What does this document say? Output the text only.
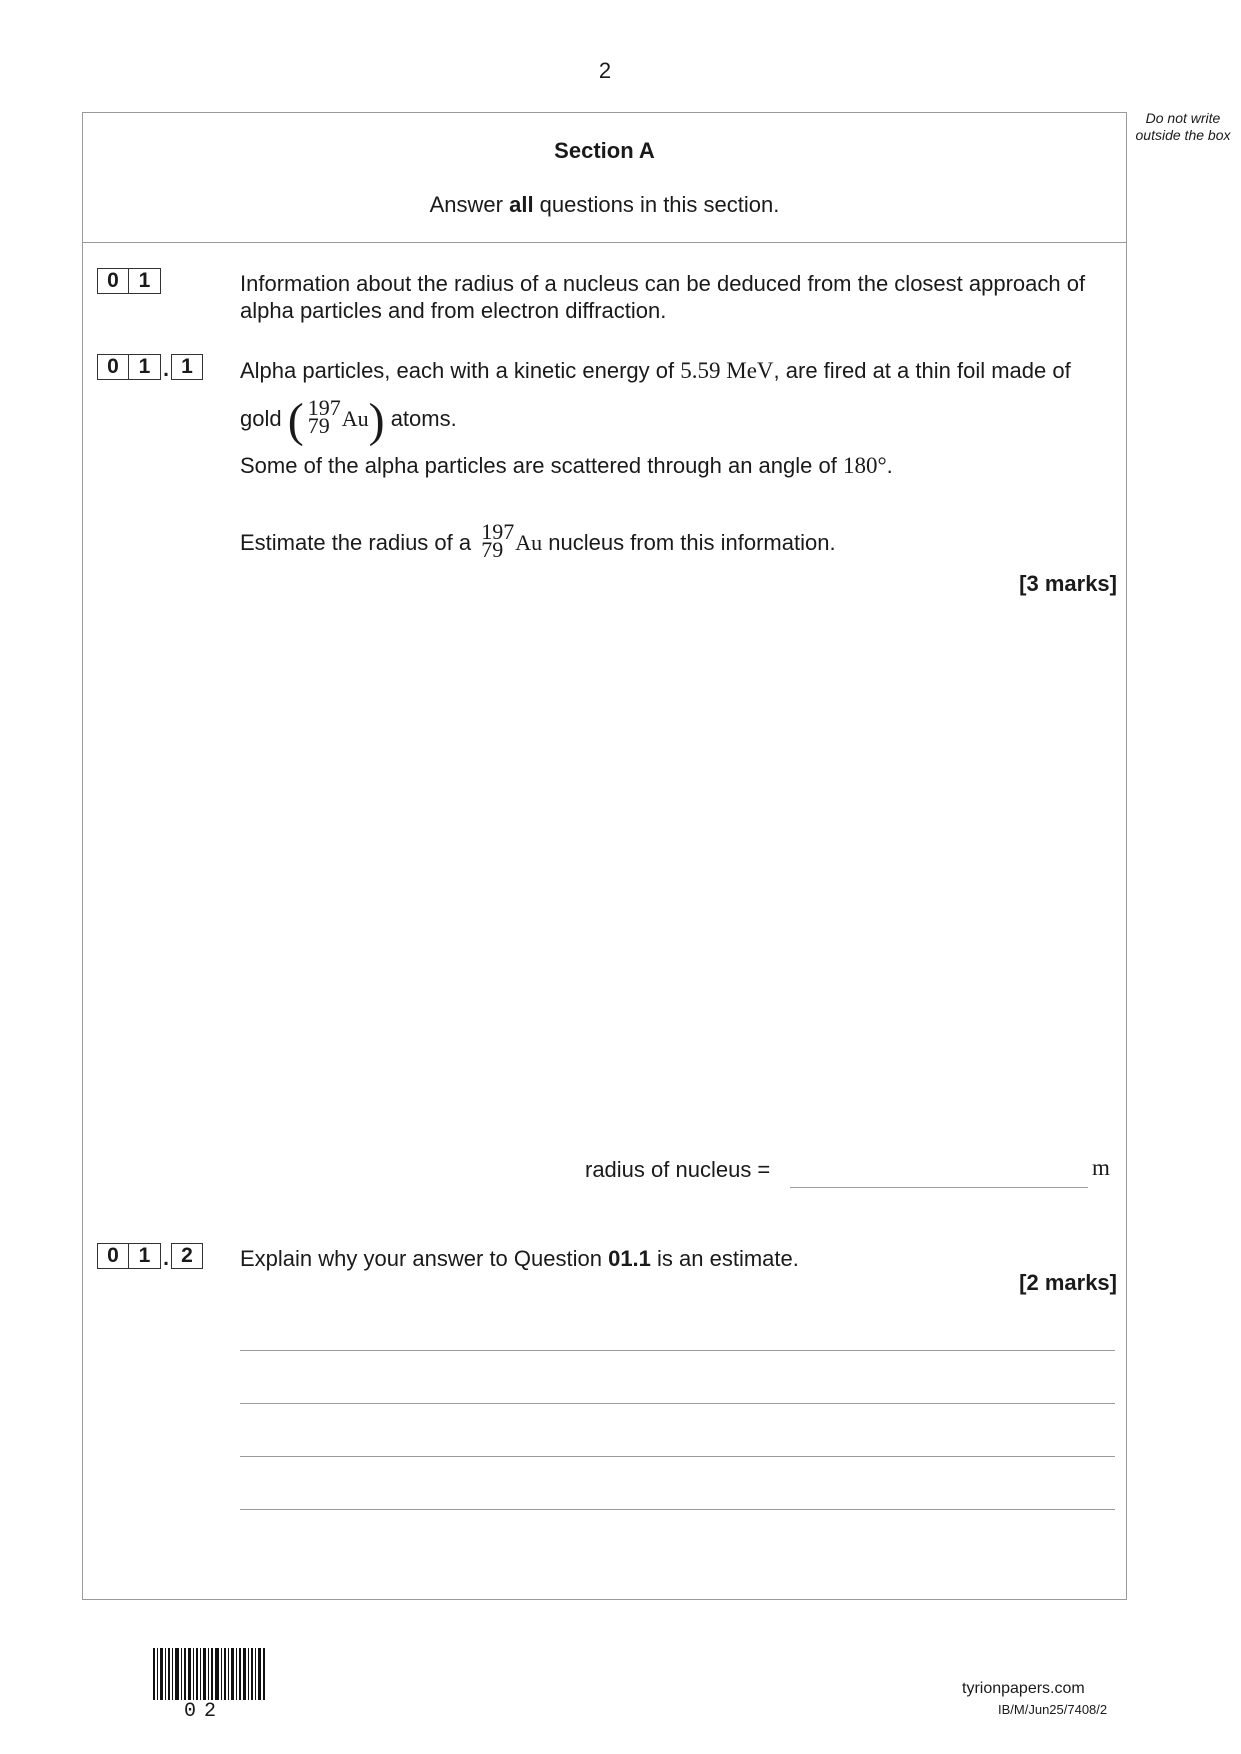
2
Do not write outside the box
Section A
Answer all questions in this section.
0 1	Information about the radius of a nucleus can be deduced from the closest approach of alpha particles and from electron diffraction.
0 1 . 1	Alpha particles, each with a kinetic energy of 5.59 MeV, are fired at a thin foil made of
gold ( 197
79 Au) atoms.
Some of the alpha particles are scattered through an angle of 180°.
Estimate the radius of a 197
79 Au nucleus from this information.
[3 marks]
radius of nucleus =	m
0 1 . 2	Explain why your answer to Question 01.1 is an estimate.
[2 marks]
02
tyrionpapers.com
IB/M/Jun25/7408/2
